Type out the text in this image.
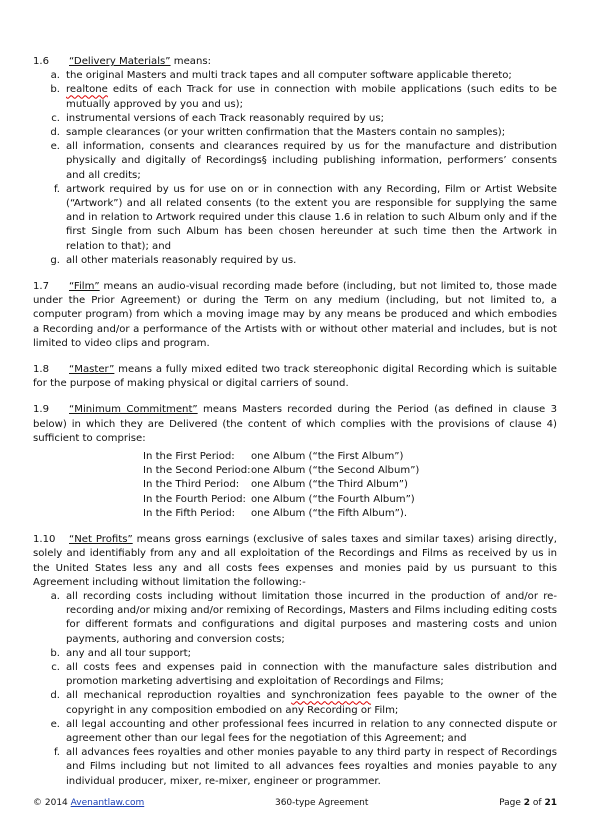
1.6	“Delivery Materials” means:
a. the original Masters and multi track tapes and all computer software applicable thereto;
b. realtone edits of each Track for use in connection with mobile applications (such edits to be mutually approved by you and us);
c. instrumental versions of each Track reasonably required by us;
d. sample clearances (or your written confirmation that the Masters contain no samples);
e. all information, consents and clearances required by us for the manufacture and distribution physically and digitally of Recordings§ including publishing information, performers’ consents and all credits;
f. artwork required by us for use on or in connection with any Recording, Film or Artist Website (“Artwork”) and all related consents (to the extent you are responsible for supplying the same and in relation to Artwork required under this clause 1.6 in relation to such Album only and if the first Single from such Album has been chosen hereunder at such time then the Artwork in relation to that); and
g. all other materials reasonably required by us.

1.7 “Film” means an audio-visual recording made before (including, but not limited to, those made under the Prior Agreement) or during the Term on any medium (including, but not limited to, a computer program) from which a moving image may by any means be produced and which embodies a Recording and/or a performance of the Artists with or without other material and includes, but is not limited to video clips and program.

1.8 “Master” means a fully mixed edited two track stereophonic digital Recording which is suitable for the purpose of making physical or digital carriers of sound.

1.9 “Minimum Commitment” means Masters recorded during the Period (as defined in clause 3 below) in which they are Delivered (the content of which complies with the provisions of clause 4) sufficient to comprise:

In the First Period:	one Album (“the First Album”)
In the Second Period: one Album (“the Second Album”)
In the Third Period:	one Album (“the Third Album”)
In the Fourth Period: one Album (“the Fourth Album”)
In the Fifth Period:	one Album (“the Fifth Album”).

1.10 “Net Profits” means gross earnings (exclusive of sales taxes and similar taxes) arising directly, solely and identifiably from any and all exploitation of the Recordings and Films as received by us in the United States less any and all costs fees expenses and monies paid by us pursuant to this Agreement including without limitation the following:-

a. all recording costs including without limitation those incurred in the production of and/or re-recording and/or mixing and/or remixing of Recordings, Masters and Films including editing costs for different formats and configurations and digital purposes and mastering costs and union payments, authoring and conversion costs;
b. any and all tour support;
c. all costs fees and expenses paid in connection with the manufacture sales distribution and promotion marketing advertising and exploitation of Recordings and Films;
d. all mechanical reproduction royalties and synchronization fees payable to the owner of the copyright in any composition embodied on any Recording or Film;
e. all legal accounting and other professional fees incurred in relation to any connected dispute or agreement other than our legal fees for the negotiation of this Agreement; and
f. all advances fees royalties and other monies payable to any third party in respect of Recordings and Films including but not limited to all advances fees royalties and monies payable to any individual producer, mixer, re-mixer, engineer or programmer.
© 2014 Avenantlaw.com	360-type Agreement	Page 2 of 21
